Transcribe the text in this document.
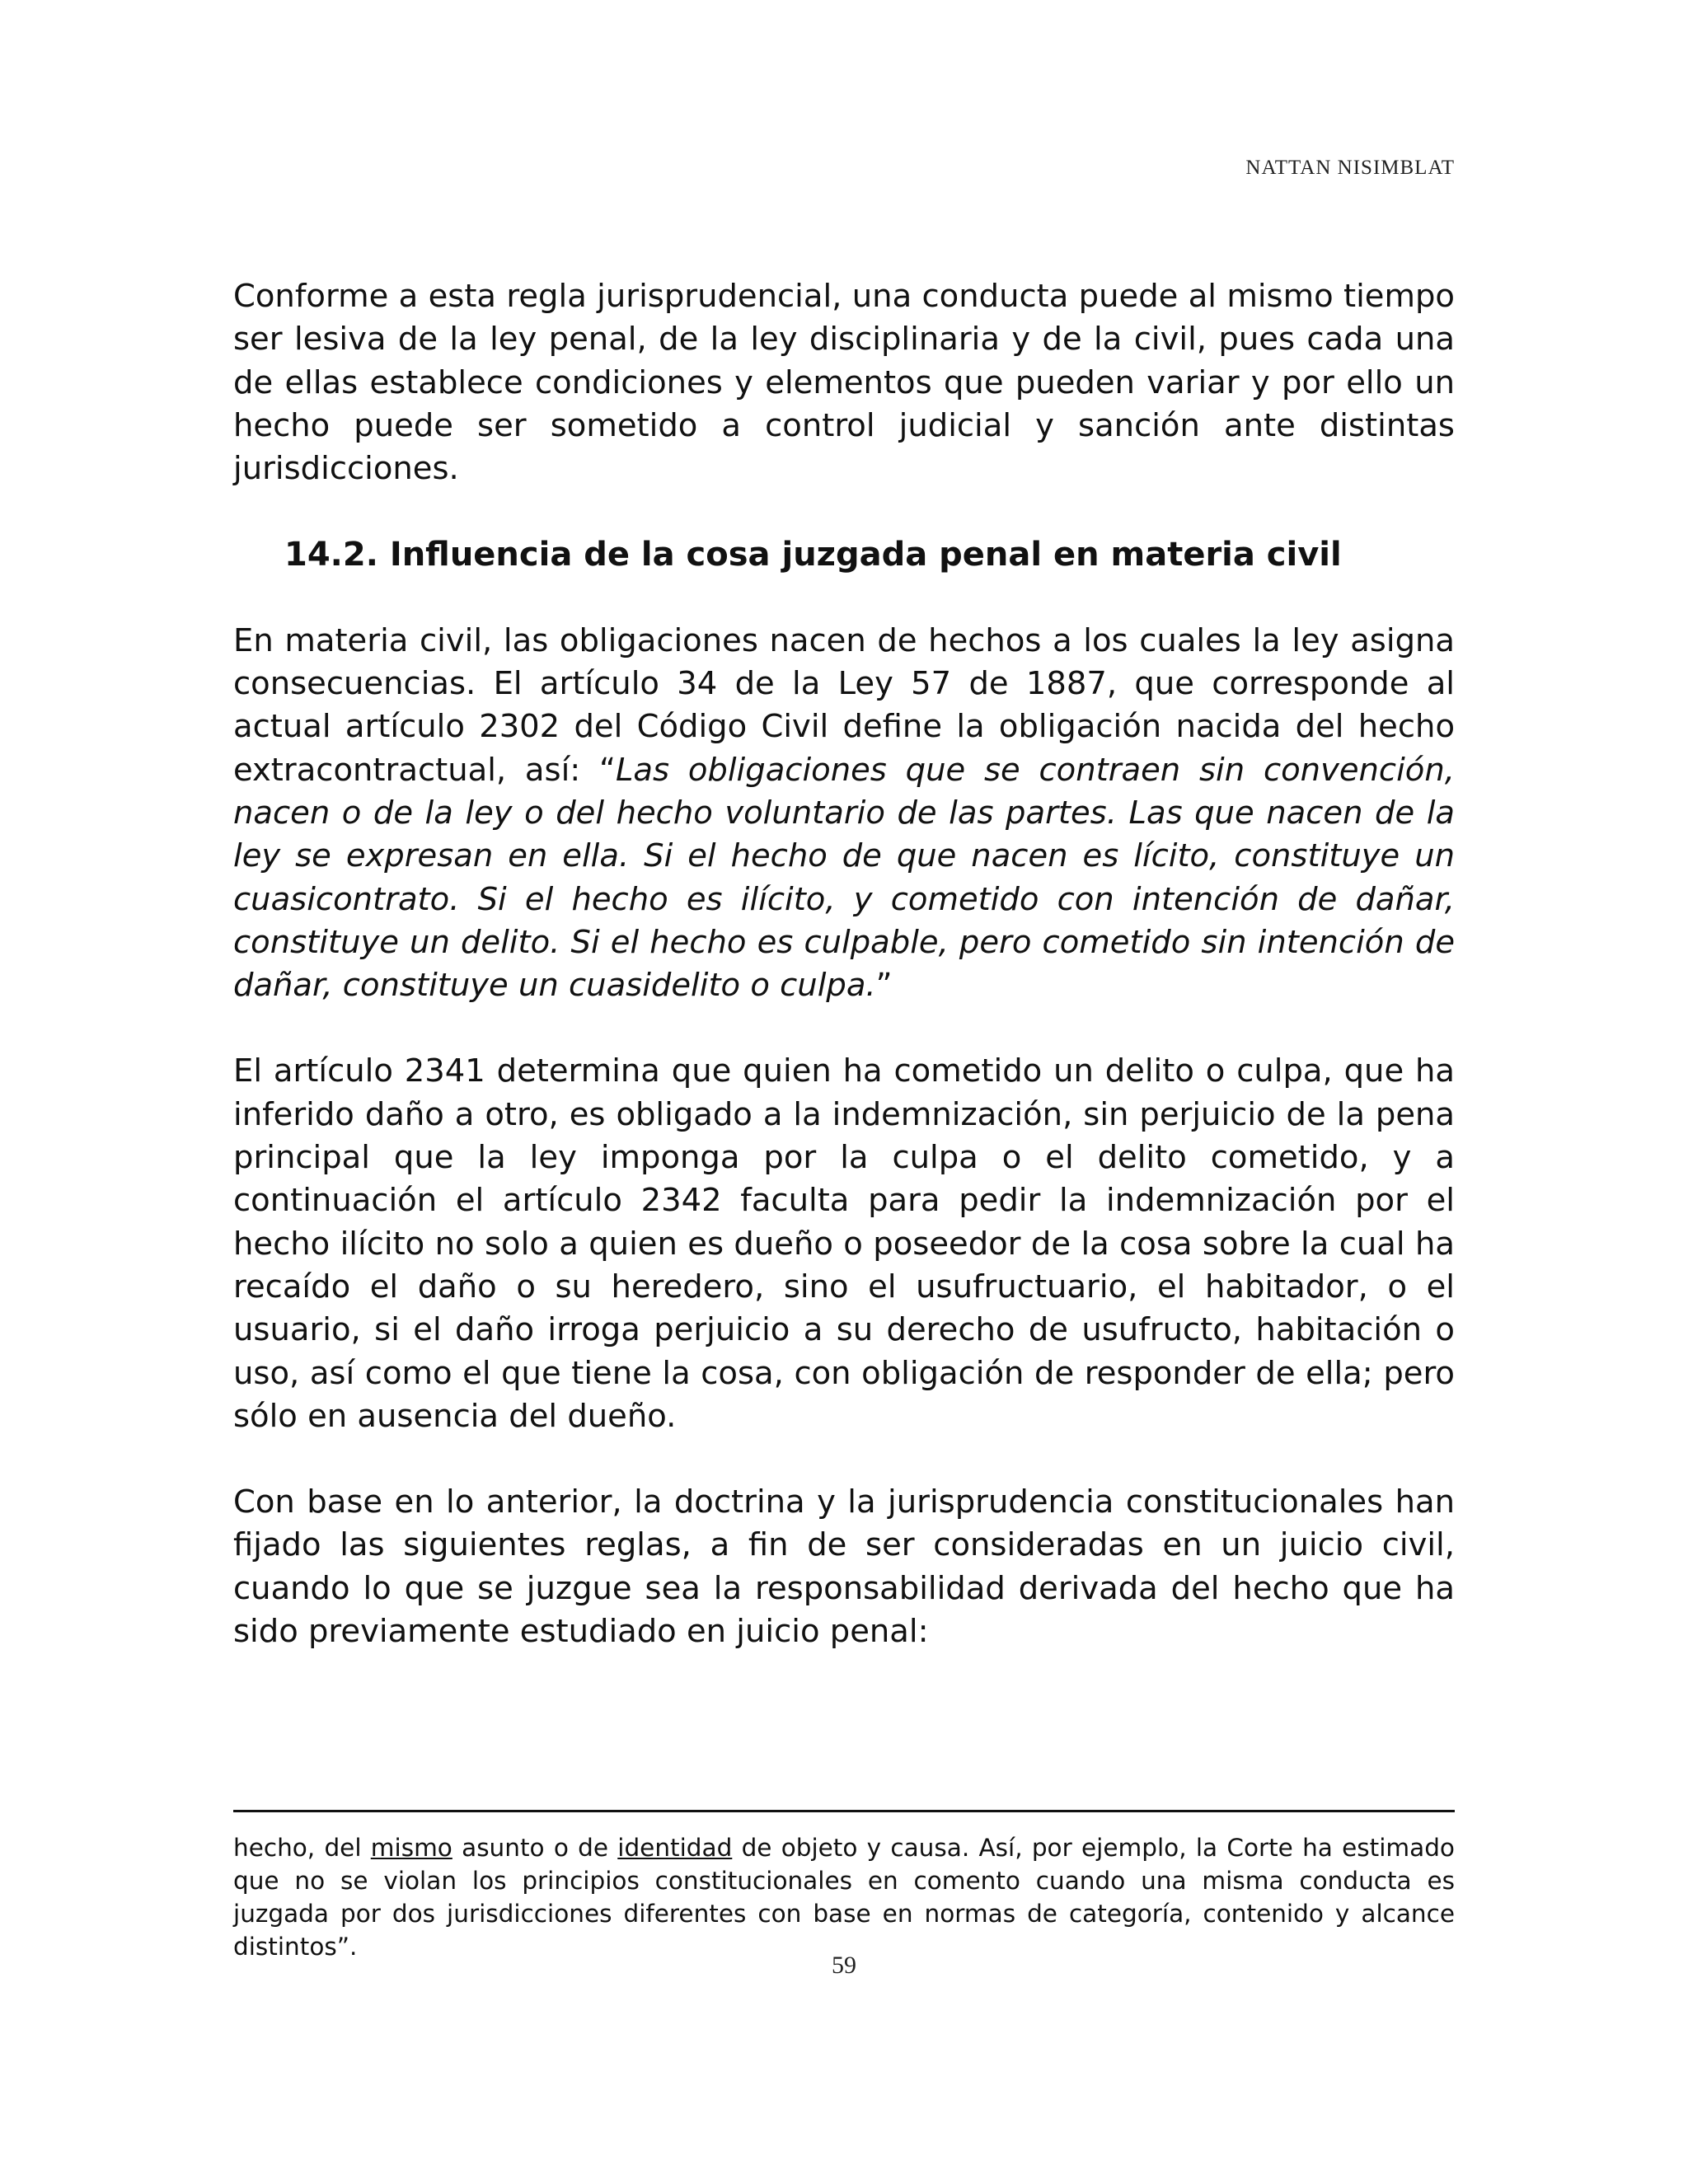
NATTAN NISIMBLAT

Conforme a esta regla jurisprudencial, una conducta puede al mismo tiempo ser lesiva de la ley penal, de la ley disciplinaria y de la civil, pues cada una de ellas establece condiciones y elementos que pueden variar y por ello un hecho puede ser sometido a control judicial y sanción ante distintas jurisdicciones.

14.2. Influencia de la cosa juzgada penal en materia civil

En materia civil, las obligaciones nacen de hechos a los cuales la ley asigna consecuencias. El artículo 34 de la Ley 57 de 1887, que corresponde al actual artículo 2302 del Código Civil define la obligación nacida del hecho extracontractual, así: “Las obligaciones que se contraen sin convención, nacen o de la ley o del hecho voluntario de las partes. Las que nacen de la ley se expresan en ella. Si el hecho de que nacen es lícito, constituye un cuasicontrato. Si el hecho es ilícito, y cometido con intención de dañar, constituye un delito. Si el hecho es culpable, pero cometido sin intención de dañar, constituye un cuasidelito o culpa.”

El artículo 2341 determina que quien ha cometido un delito o culpa, que ha inferido daño a otro, es obligado a la indemnización, sin perjuicio de la pena principal que la ley imponga por la culpa o el delito cometido, y a continuación el artículo 2342 faculta para pedir la indemnización por el hecho ilícito no solo a quien es dueño o poseedor de la cosa sobre la cual ha recaído el daño o su heredero, sino el usufructuario, el habitador, o el usuario, si el daño irroga perjuicio a su derecho de usufructo, habitación o uso, así como el que tiene la cosa, con obligación de responder de ella; pero sólo en ausencia del dueño.

Con base en lo anterior, la doctrina y la jurisprudencia constitucionales han fijado las siguientes reglas, a fin de ser consideradas en un juicio civil, cuando lo que se juzgue sea la responsabilidad derivada del hecho que ha sido previamente estudiado en juicio penal:

hecho, del mismo asunto o de identidad de objeto y causa. Así, por ejemplo, la Corte ha estimado que no se violan los principios constitucionales en comento cuando una misma conducta es juzgada por dos jurisdicciones diferentes con base en normas de categoría, contenido y alcance distintos”.

59
